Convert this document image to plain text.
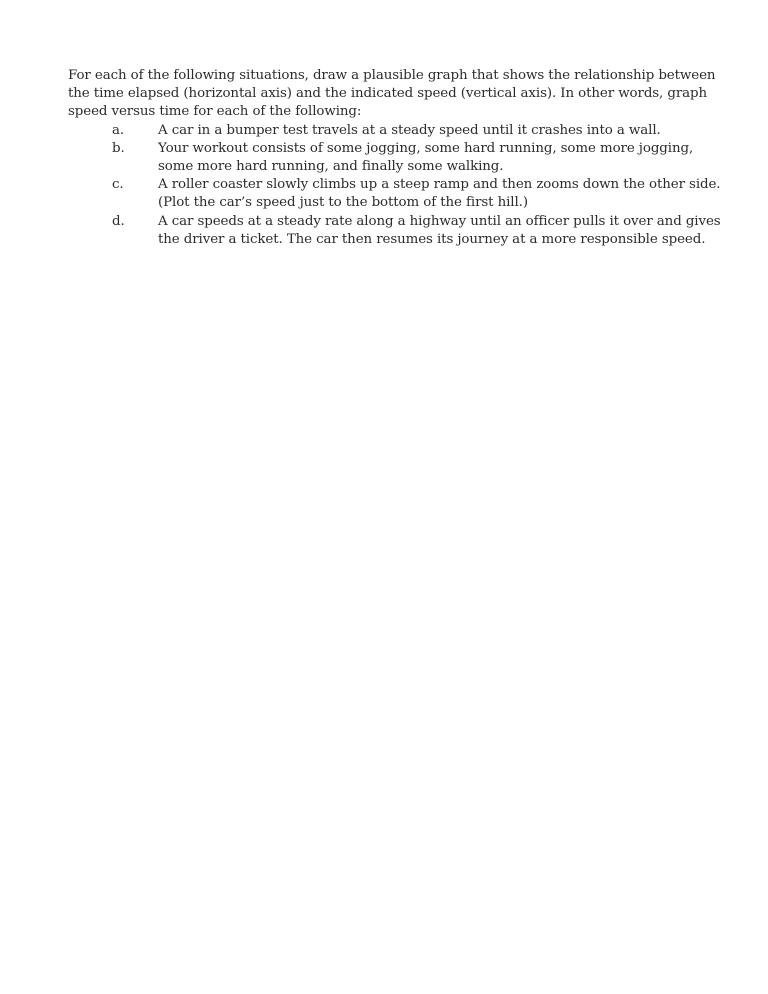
For each of the following situations, draw a plausible graph that shows the relationship between
the time elapsed (horizontal axis) and the indicated speed (vertical axis). In other words, graph
speed versus time for each of the following:

a.	A car in a bumper test travels at a steady speed until it crashes into a wall.
b. Your workout consists of some jogging, some hard running, some more jogging,
some more hard running, and finally some walking.
c.	A roller coaster slowly climbs up a steep ramp and then zooms down the other side.
(Plot the car’s speed just to the bottom of the first hill.)
d. A car speeds at a steady rate along a highway until an officer pulls it over and gives
the driver a ticket. The car then resumes its journey at a more responsible speed.
